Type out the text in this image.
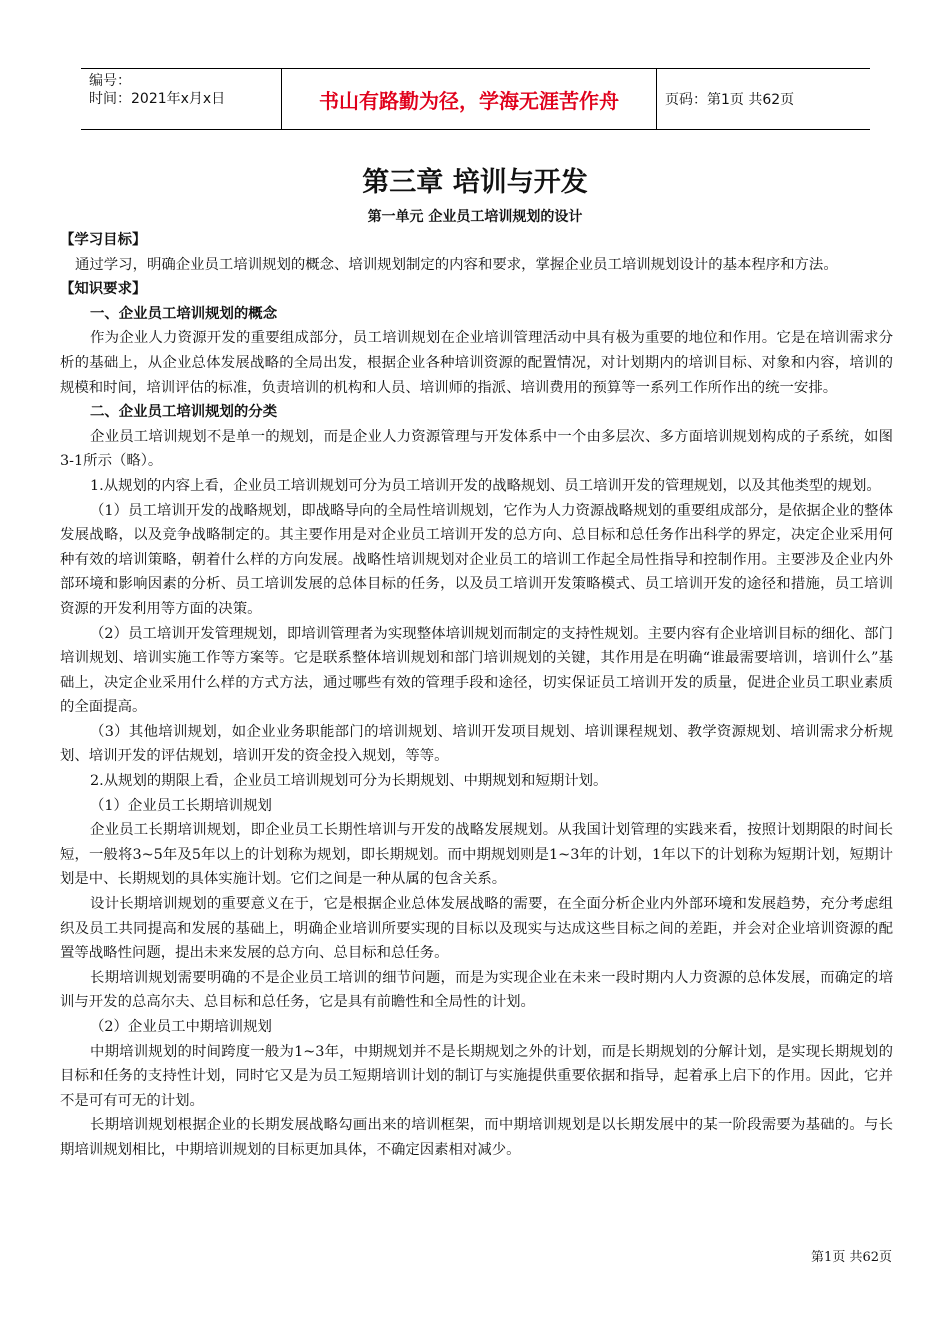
编号：
时间：2021年x月x日	书山有路勤为径，学海无涯苦作舟	页码：第1页 共62页
第三章 培训与开发
第一单元 企业员工培训规划的设计

【学习目标】

通过学习，明确企业员工培训规划的概念、培训规划制定的内容和要求，掌握企业员工培训规划设计的基本程序和方法。

【知识要求】

一、企业员工培训规划的概念

作为企业人力资源开发的重要组成部分，员工培训规划在企业培训管理活动中具有极为重要的地位和作用。它是在培训需求分析的基础上，从企业总体发展战略的全局出发，根据企业各种培训资源的配置情况，对计划期内的培训目标、对象和内容，培训的规模和时间，培训评估的标准，负责培训的机构和人员、培训师的指派、培训费用的预算等一系列工作所作出的统一安排。

二、企业员工培训规划的分类

企业员工培训规划不是单一的规划，而是企业人力资源管理与开发体系中一个由多层次、多方面培训规划构成的子系统，如图3-1所示（略）。

1.从规划的内容上看，企业员工培训规划可分为员工培训开发的战略规划、员工培训开发的管理规划，以及其他类型的规划。

（1）员工培训开发的战略规划，即战略导向的全局性培训规划，它作为人力资源战略规划的重要组成部分，是依据企业的整体发展战略，以及竞争战略制定的。其主要作用是对企业员工培训开发的总方向、总目标和总任务作出科学的界定，决定企业采用何种有效的培训策略，朝着什么样的方向发展。战略性培训规划对企业员工的培训工作起全局性指导和控制作用。主要涉及企业内外部环境和影响因素的分析、员工培训发展的总体目标的任务，以及员工培训开发策略模式、员工培训开发的途径和措施，员工培训资源的开发利用等方面的决策。

（2）员工培训开发管理规划，即培训管理者为实现整体培训规划而制定的支持性规划。主要内容有企业培训目标的细化、部门培训规划、培训实施工作等方案等。它是联系整体培训规划和部门培训规划的关键，其作用是在明确“谁最需要培训，培训什么”基础上，决定企业采用什么样的方式方法，通过哪些有效的管理手段和途径，切实保证员工培训开发的质量，促进企业员工职业素质的全面提高。

（3）其他培训规划，如企业业务职能部门的培训规划、培训开发项目规划、培训课程规划、教学资源规划、培训需求分析规划、培训开发的评估规划，培训开发的资金投入规划，等等。

2.从规划的期限上看，企业员工培训规划可分为长期规划、中期规划和短期计划。

（1）企业员工长期培训规划

企业员工长期培训规划，即企业员工长期性培训与开发的战略发展规划。从我国计划管理的实践来看，按照计划期限的时间长短，一般将3~5年及5年以上的计划称为规划，即长期规划。而中期规划则是1~3年的计划，1年以下的计划称为短期计划，短期计划是中、长期规划的具体实施计划。它们之间是一种从属的包含关系。

设计长期培训规划的重要意义在于，它是根据企业总体发展战略的需要，在全面分析企业内外部环境和发展趋势，充分考虑组织及员工共同提高和发展的基础上，明确企业培训所要实现的目标以及现实与达成这些目标之间的差距，并会对企业培训资源的配置等战略性问题，提出未来发展的总方向、总目标和总任务。

长期培训规划需要明确的不是企业员工培训的细节问题，而是为实现企业在未来一段时期内人力资源的总体发展，而确定的培训与开发的总高尔夫、总目标和总任务，它是具有前瞻性和全局性的计划。

（2）企业员工中期培训规划

中期培训规划的时间跨度一般为1~3年，中期规划并不是长期规划之外的计划，而是长期规划的分解计划，是实现长期规划的目标和任务的支持性计划，同时它又是为员工短期培训计划的制订与实施提供重要依据和指导，起着承上启下的作用。因此，它并不是可有可无的计划。

长期培训规划根据企业的长期发展战略勾画出来的培训框架，而中期培训规划是以长期发展中的某一阶段需要为基础的。与长期培训规划相比，中期培训规划的目标更加具体，不确定因素相对减少。

第1页 共62页
